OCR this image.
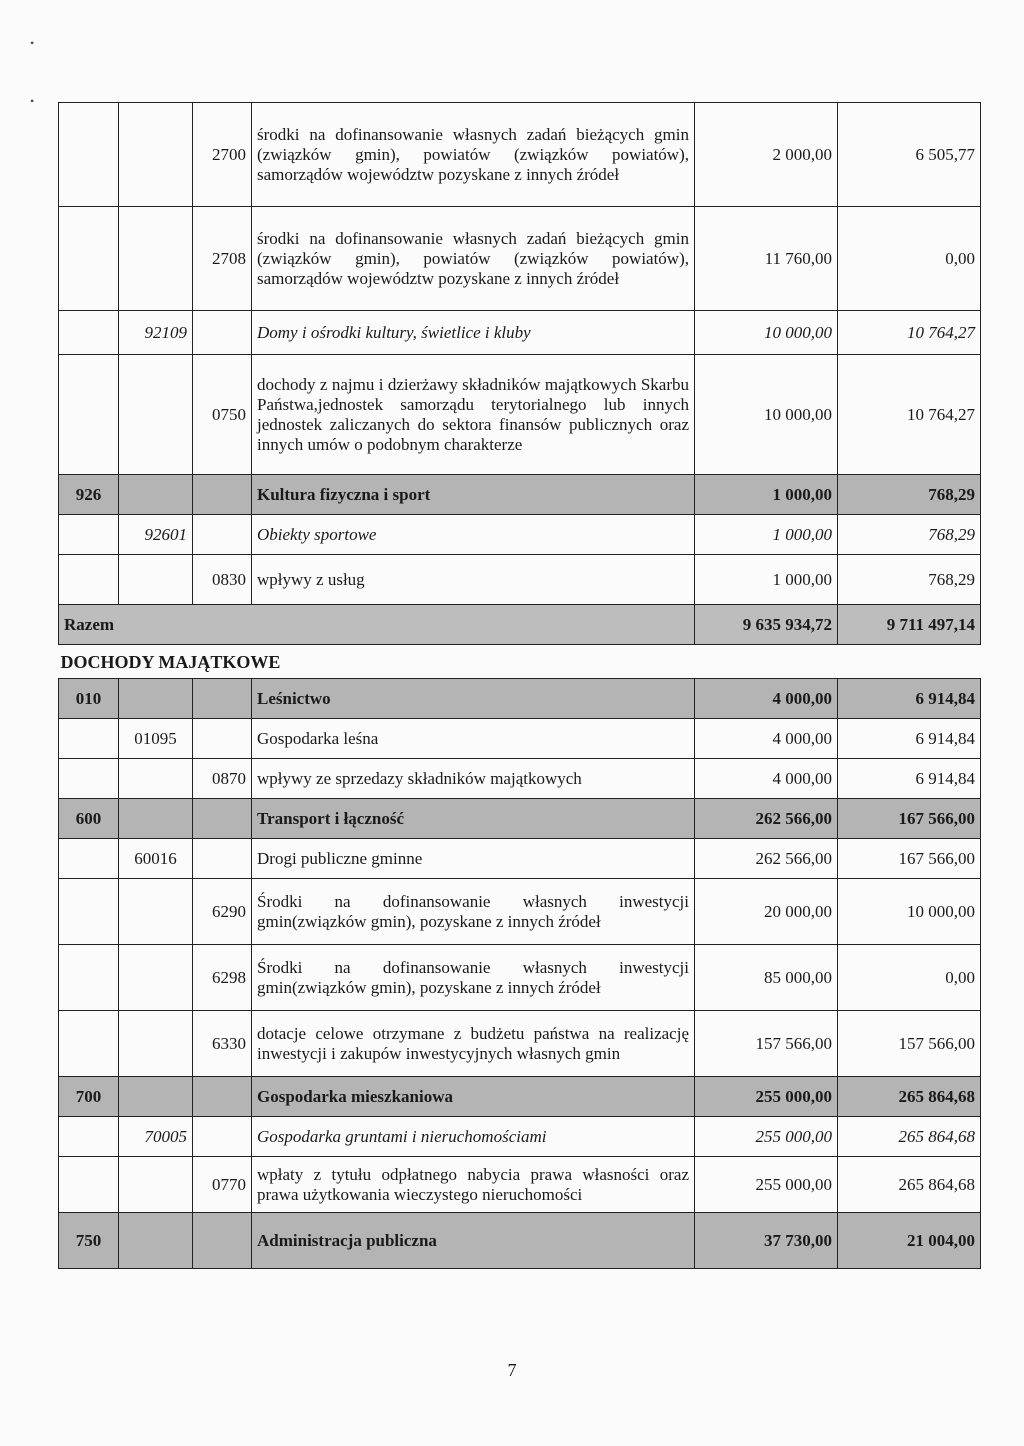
•
•
		2700	środki na dofinansowanie własnych zadań bieżących gmin (związków gmin), powiatów (związków powiatów), samorządów województw pozyskane z innych źródeł	2 000,00	6 505,77
		2708	środki na dofinansowanie własnych zadań bieżących gmin (związków gmin), powiatów (związków powiatów), samorządów województw pozyskane z innych źródeł	11 760,00	0,00
	92109		Domy i ośrodki kultury, świetlice i kluby	10 000,00	10 764,27
		0750	dochody z najmu i dzierżawy składników majątkowych Skarbu Państwa,jednostek samorządu terytorialnego lub innych jednostek zaliczanych do sektora finansów publicznych oraz innych umów o podobnym charakterze	10 000,00	10 764,27
926			Kultura fizyczna i sport	1 000,00	768,29
	92601		Obiekty sportowe	1 000,00	768,29
		0830	wpływy z usług	1 000,00	768,29
Razem				9 635 934,72	9 711 497,14
DOCHODY MAJĄTKOWE					
010			Leśnictwo	4 000,00	6 914,84
	01095		Gospodarka leśna	4 000,00	6 914,84
		0870	wpływy ze sprzedazy składników majątkowych	4 000,00	6 914,84
600			Transport i łączność	262 566,00	167 566,00
	60016		Drogi publiczne gminne	262 566,00	167 566,00
		6290	Środki na dofinansowanie własnych inwestycji gmin(związków gmin), pozyskane z innych źródeł	20 000,00	10 000,00
		6298	Środki na dofinansowanie własnych inwestycji gmin(związków gmin), pozyskane z innych źródeł	85 000,00	0,00
		6330	dotacje celowe otrzymane z budżetu państwa na realizację inwestycji i zakupów inwestycyjnych własnych gmin	157 566,00	157 566,00
700			Gospodarka mieszkaniowa	255 000,00	265 864,68
	70005		Gospodarka gruntami i nieruchomościami	255 000,00	265 864,68
		0770	wpłaty z tytułu odpłatnego nabycia prawa własności oraz prawa użytkowania wieczystego nieruchomości	255 000,00	265 864,68
750			Administracja publiczna	37 730,00	21 004,00
7
